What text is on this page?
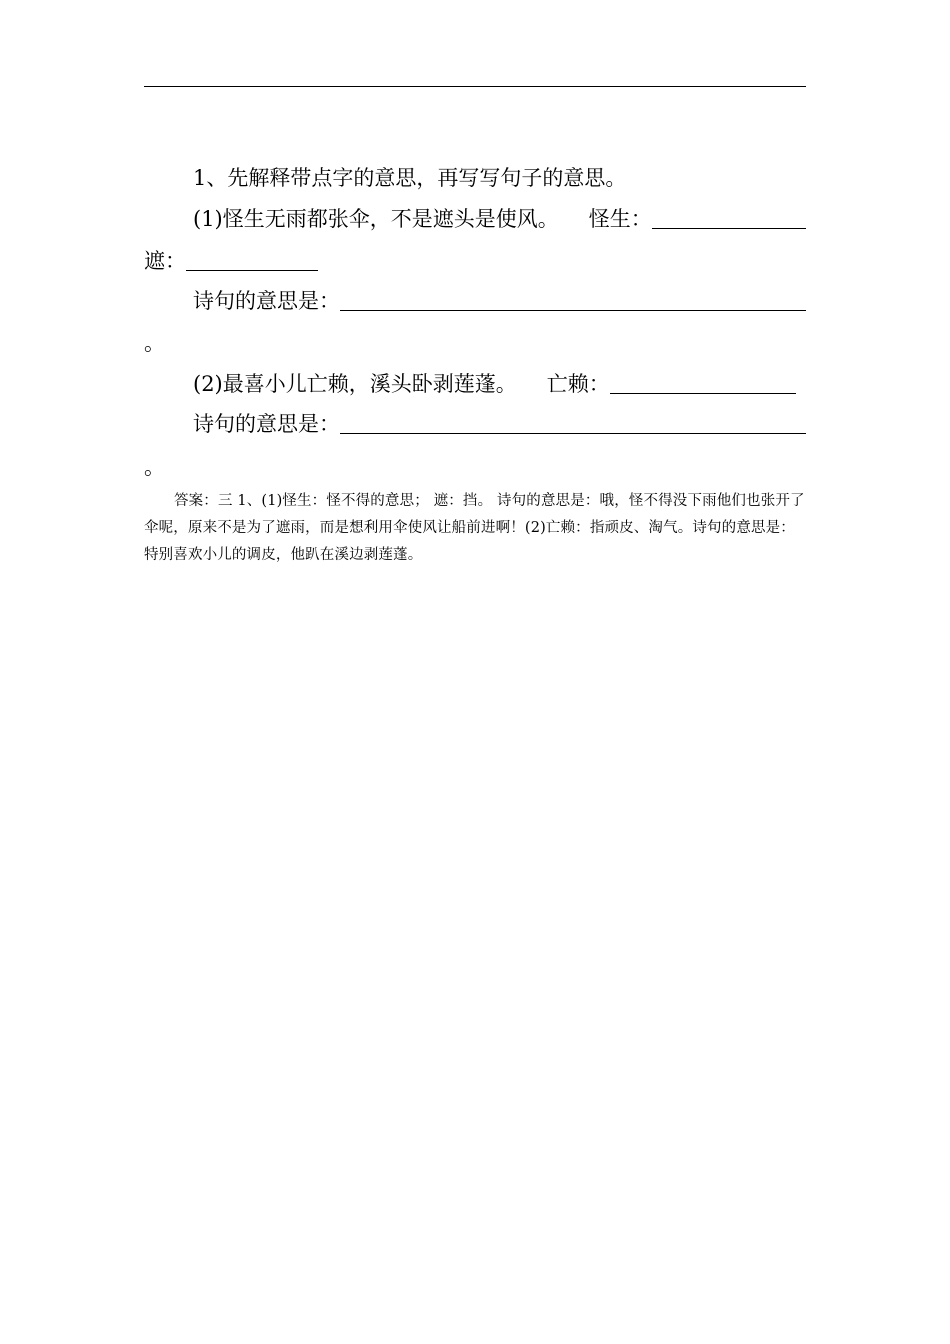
1、先解释带点字的意思，再写写句子的意思。
(1)怪生无雨都张伞，不是遮头是使风。 怪生：
遮：
诗句的意思是：
。
(2)最喜小儿亡赖，溪头卧剥莲蓬。 亡赖：
诗句的意思是：
。
答案：三 1、(1)怪生：怪不得的意思； 遮：挡。 诗句的意思是：哦，怪不得没下雨他们也张开了伞呢，原来不是为了遮雨，而是想利用伞使风让船前进啊！(2)亡赖：指顽皮、淘气。诗句的意思是： 特别喜欢小儿的调皮，他趴在溪边剥莲蓬。
